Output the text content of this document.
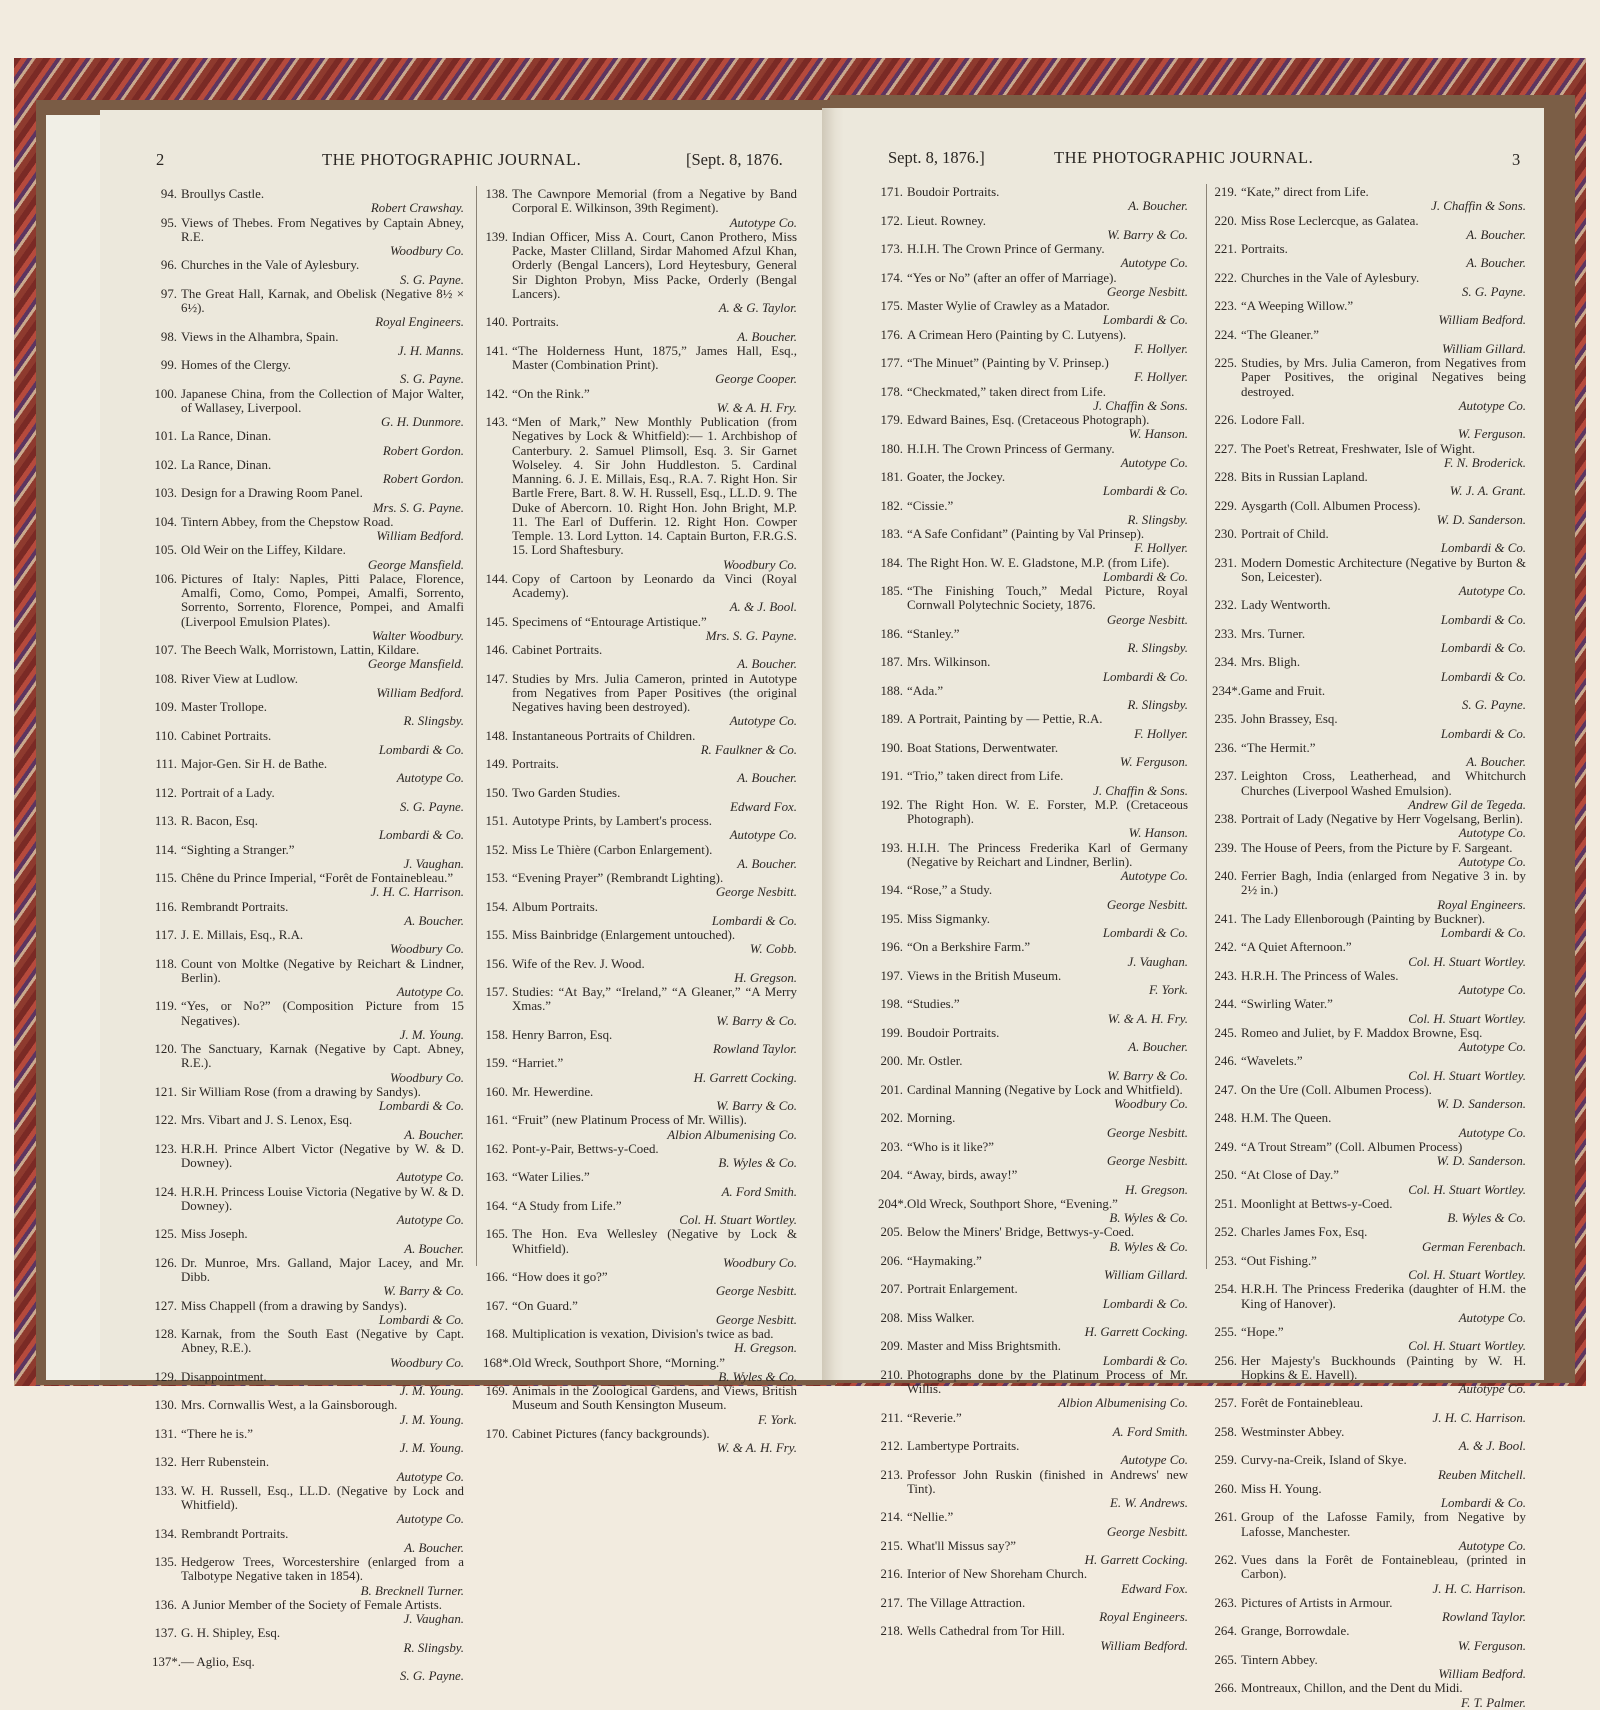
2	THE PHOTOGRAPHIC JOURNAL.	[Sept. 8, 1876.	Sept. 8, 1876.]	THE PHOTOGRAPHIC JOURNAL.	3
94. Broullys Castle.
Robert Crawshay.
95. Views of Thebes. From Negatives by Captain Abney, R.E.
Woodbury Co.
96. Churches in the Vale of Aylesbury.
S. G. Payne.
97. The Great Hall, Karnak, and Obelisk (Negative 8½ × 6½).
Royal Engineers.
98. Views in the Alhambra, Spain.
J. H. Manns.
99. Homes of the Clergy.
S. G. Payne.
100. Japanese China, from the Collection of Major Walter, of Wallasey, Liverpool.
G. H. Dunmore.
101. La Rance, Dinan.
Robert Gordon.
102. La Rance, Dinan.
Robert Gordon.
103. Design for a Drawing Room Panel.
Mrs. S. G. Payne.
104. Tintern Abbey, from the Chepstow Road.
William Bedford.
105. Old Weir on the Liffey, Kildare.
George Mansfield.
106. Pictures of Italy: Naples, Pitti Palace, Florence, Amalfi, Como, Como, Pompei, Amalfi, Sorrento, Sorrento, Sorrento, Florence, Pompei, and Amalfi (Liverpool Emulsion Plates).
Walter Woodbury.
107. The Beech Walk, Morristown, Lattin, Kildare.
George Mansfield.
108. River View at Ludlow.
William Bedford.
109. Master Trollope.
R. Slingsby.
110. Cabinet Portraits.
Lombardi & Co.
111. Major-Gen. Sir H. de Bathe.
Autotype Co.
112. Portrait of a Lady.
S. G. Payne.
113. R. Bacon, Esq.
Lombardi & Co.
114. “Sighting a Stranger.”
J. Vaughan.
115. Chêne du Prince Imperial, “Forêt de Fontainebleau.”
J. H. C. Harrison.
116. Rembrandt Portraits.
A. Boucher.
117. J. E. Millais, Esq., R.A.
Woodbury Co.
118. Count von Moltke (Negative by Reichart & Lindner, Berlin).
Autotype Co.
119. “Yes, or No?” (Composition Picture from 15 Negatives).
J. M. Young.
120. The Sanctuary, Karnak (Negative by Capt. Abney, R.E.).
Woodbury Co.
121. Sir William Rose (from a drawing by Sandys).
Lombardi & Co.
122. Mrs. Vibart and J. S. Lenox, Esq.
A. Boucher.
123. H.R.H. Prince Albert Victor (Negative by W. & D. Downey).
Autotype Co.
124. H.R.H. Princess Louise Victoria (Negative by W. & D. Downey).
Autotype Co.
125. Miss Joseph.
A. Boucher.
126. Dr. Munroe, Mrs. Galland, Major Lacey, and Mr. Dibb.
W. Barry & Co.
127. Miss Chappell (from a drawing by Sandys).
Lombardi & Co.
128. Karnak, from the South East (Negative by Capt. Abney, R.E.).
Woodbury Co.
129. Disappointment.
J. M. Young.
130. Mrs. Cornwallis West, a la Gainsborough.
J. M. Young.
131. “There he is.”
J. M. Young.
132. Herr Rubenstein.
Autotype Co.
133. W. H. Russell, Esq., LL.D. (Negative by Lock and Whitfield).
Autotype Co.
134. Rembrandt Portraits.
A. Boucher.
135. Hedgerow Trees, Worcestershire (enlarged from a Talbotype Negative taken in 1854).
B. Brecknell Turner.
136. A Junior Member of the Society of Female Artists.
J. Vaughan.
137. G. H. Shipley, Esq.
R. Slingsby.
137*. — Aglio, Esq.
S. G. Payne.
138. The Cawnpore Memorial (from a Negative by Band Corporal E. Wilkinson, 39th Regiment).
Autotype Co.
139. Indian Officer, Miss A. Court, Canon Prothero, Miss Packe, Master Clilland, Sirdar Mahomed Afzul Khan, Orderly (Bengal Lancers), Lord Heytesbury, General Sir Dighton Probyn, Miss Packe, Orderly (Bengal Lancers).
A. & G. Taylor.
140. Portraits.
A. Boucher.
141. “The Holderness Hunt, 1875,” James Hall, Esq., Master (Combination Print).
George Cooper.
142. “On the Rink.”
W. & A. H. Fry.
143. “Men of Mark,” New Monthly Publication (from Negatives by Lock & Whitfield):— 1. Archbishop of Canterbury. 2. Samuel Plimsoll, Esq. 3. Sir Garnet Wolseley. 4. Sir John Huddleston. 5. Cardinal Manning. 6. J. E. Millais, Esq., R.A. 7. Right Hon. Sir Bartle Frere, Bart. 8. W. H. Russell, Esq., LL.D. 9. The Duke of Abercorn. 10. Right Hon. John Bright, M.P. 11. The Earl of Dufferin. 12. Right Hon. Cowper Temple. 13. Lord Lytton. 14. Captain Burton, F.R.G.S. 15. Lord Shaftesbury.
Woodbury Co.
144. Copy of Cartoon by Leonardo da Vinci (Royal Academy).
A. & J. Bool.
145. Specimens of “Entourage Artistique.”
Mrs. S. G. Payne.
146. Cabinet Portraits.
A. Boucher.
147. Studies by Mrs. Julia Cameron, printed in Autotype from Negatives from Paper Positives (the original Negatives having been destroyed).
Autotype Co.
148. Instantaneous Portraits of Children.
R. Faulkner & Co.
149. Portraits.
A. Boucher.
150. Two Garden Studies.
Edward Fox.
151. Autotype Prints, by Lambert's process.
Autotype Co.
152. Miss Le Thière (Carbon Enlargement).
A. Boucher.
153. “Evening Prayer” (Rembrandt Lighting).
George Nesbitt.
154. Album Portraits.
Lombardi & Co.
155. Miss Bainbridge (Enlargement untouched).
W. Cobb.
156. Wife of the Rev. J. Wood.
H. Gregson.
157. Studies: “At Bay,” “Ireland,” “A Gleaner,” “A Merry Xmas.”
W. Barry & Co.
158. Henry Barron, Esq.
Rowland Taylor.
159. “Harriet.”
H. Garrett Cocking.
160. Mr. Hewerdine.
W. Barry & Co.
161. “Fruit” (new Platinum Process of Mr. Willis).
Albion Albumenising Co.
162. Pont-y-Pair, Bettws-y-Coed.
B. Wyles & Co.
163. “Water Lilies.”
A. Ford Smith.
164. “A Study from Life.”
Col. H. Stuart Wortley.
165. The Hon. Eva Wellesley (Negative by Lock & Whitfield).
Woodbury Co.
166. “How does it go?”
George Nesbitt.
167. “On Guard.”
George Nesbitt.
168. Multiplication is vexation, Division's twice as bad.
H. Gregson.
168*. Old Wreck, Southport Shore, “Morning.”
B. Wyles & Co.
169. Animals in the Zoological Gardens, and Views, British Museum and South Kensington Museum.
F. York.
170. Cabinet Pictures (fancy backgrounds).
W. & A. H. Fry.
171. Boudoir Portraits.
A. Boucher.
172. Lieut. Rowney.
W. Barry & Co.
173. H.I.H. The Crown Prince of Germany.
Autotype Co.
174. “Yes or No” (after an offer of Marriage).
George Nesbitt.
175. Master Wylie of Crawley as a Matador.
Lombardi & Co.
176. A Crimean Hero (Painting by C. Lutyens).
F. Hollyer.
177. “The Minuet” (Painting by V. Prinsep.)
F. Hollyer.
178. “Checkmated,” taken direct from Life.
J. Chaffin & Sons.
179. Edward Baines, Esq. (Cretaceous Photograph).
W. Hanson.
180. H.I.H. The Crown Princess of Germany.
Autotype Co.
181. Goater, the Jockey.
Lombardi & Co.
182. “Cissie.”
R. Slingsby.
183. “A Safe Confidant” (Painting by Val Prinsep).
F. Hollyer.
184. The Right Hon. W. E. Gladstone, M.P. (from Life).
Lombardi & Co.
185. “The Finishing Touch,” Medal Picture, Royal Cornwall Polytechnic Society, 1876.
George Nesbitt.
186. “Stanley.”
R. Slingsby.
187. Mrs. Wilkinson.
Lombardi & Co.
188. “Ada.”
R. Slingsby.
189. A Portrait, Painting by — Pettie, R.A.
F. Hollyer.
190. Boat Stations, Derwentwater.
W. Ferguson.
191. “Trio,” taken direct from Life.
J. Chaffin & Sons.
192. The Right Hon. W. E. Forster, M.P. (Cretaceous Photograph).
W. Hanson.
193. H.I.H. The Princess Frederika Karl of Germany (Negative by Reichart and Lindner, Berlin).
Autotype Co.
194. “Rose,” a Study.
George Nesbitt.
195. Miss Sigmanky.
Lombardi & Co.
196. “On a Berkshire Farm.”
J. Vaughan.
197. Views in the British Museum.
F. York.
198. “Studies.”
W. & A. H. Fry.
199. Boudoir Portraits.
A. Boucher.
200. Mr. Ostler.
W. Barry & Co.
201. Cardinal Manning (Negative by Lock and Whitfield).
Woodbury Co.
202. Morning.
George Nesbitt.
203. “Who is it like?”
George Nesbitt.
204. “Away, birds, away!”
H. Gregson.
204*. Old Wreck, Southport Shore, “Evening.”
B. Wyles & Co.
205. Below the Miners' Bridge, Bettwys-y-Coed.
B. Wyles & Co.
206. “Haymaking.”
William Gillard.
207. Portrait Enlargement.
Lombardi & Co.
208. Miss Walker.
H. Garrett Cocking.
209. Master and Miss Brightsmith.
Lombardi & Co.
210. Photographs done by the Platinum Process of Mr. Willis.
Albion Albumenising Co.
211. “Reverie.”
A. Ford Smith.
212. Lambertype Portraits.
Autotype Co.
213. Professor John Ruskin (finished in Andrews' new Tint).
E. W. Andrews.
214. “Nellie.”
George Nesbitt.
215. What'll Missus say?”
H. Garrett Cocking.
216. Interior of New Shoreham Church.
Edward Fox.
217. The Village Attraction.
Royal Engineers.
218. Wells Cathedral from Tor Hill.
William Bedford.
219. “Kate,” direct from Life.
J. Chaffin & Sons.
220. Miss Rose Leclercque, as Galatea.
A. Boucher.
221. Portraits.
A. Boucher.
222. Churches in the Vale of Aylesbury.
S. G. Payne.
223. “A Weeping Willow.”
William Bedford.
224. “The Gleaner.”
William Gillard.
225. Studies, by Mrs. Julia Cameron, from Negatives from Paper Positives, the original Negatives being destroyed.
Autotype Co.
226. Lodore Fall.
W. Ferguson.
227. The Poet's Retreat, Freshwater, Isle of Wight.
F. N. Broderick.
228. Bits in Russian Lapland.
W. J. A. Grant.
229. Aysgarth (Coll. Albumen Process).
W. D. Sanderson.
230. Portrait of Child.
Lombardi & Co.
231. Modern Domestic Architecture (Negative by Burton & Son, Leicester).
Autotype Co.
232. Lady Wentworth.
Lombardi & Co.
233. Mrs. Turner.
Lombardi & Co.
234. Mrs. Bligh.
Lombardi & Co.
234*. Game and Fruit.
S. G. Payne.
235. John Brassey, Esq.
Lombardi & Co.
236. “The Hermit.”
A. Boucher.
237. Leighton Cross, Leatherhead, and Whitchurch Churches (Liverpool Washed Emulsion).
Andrew Gil de Tegeda.
238. Portrait of Lady (Negative by Herr Vogelsang, Berlin).
Autotype Co.
239. The House of Peers, from the Picture by F. Sargeant.
Autotype Co.
240. Ferrier Bagh, India (enlarged from Negative 3 in. by 2½ in.)
Royal Engineers.
241. The Lady Ellenborough (Painting by Buckner).
Lombardi & Co.
242. “A Quiet Afternoon.”
Col. H. Stuart Wortley.
243. H.R.H. The Princess of Wales.
Autotype Co.
244. “Swirling Water.”
Col. H. Stuart Wortley.
245. Romeo and Juliet, by F. Maddox Browne, Esq.
Autotype Co.
246. “Wavelets.”
Col. H. Stuart Wortley.
247. On the Ure (Coll. Albumen Process).
W. D. Sanderson.
248. H.M. The Queen.
Autotype Co.
249. “A Trout Stream” (Coll. Albumen Process)
W. D. Sanderson.
250. “At Close of Day.”
Col. H. Stuart Wortley.
251. Moonlight at Bettws-y-Coed.
B. Wyles & Co.
252. Charles James Fox, Esq.
German Ferenbach.
253. “Out Fishing.”
Col. H. Stuart Wortley.
254. H.R.H. The Princess Frederika (daughter of H.M. the King of Hanover).
Autotype Co.
255. “Hope.”
Col. H. Stuart Wortley.
256. Her Majesty's Buckhounds (Painting by W. H. Hopkins & E. Havell).
Autotype Co.
257. Forêt de Fontainebleau.
J. H. C. Harrison.
258. Westminster Abbey.
A. & J. Bool.
259. Curvy-na-Creik, Island of Skye.
Reuben Mitchell.
260. Miss H. Young.
Lombardi & Co.
261. Group of the Lafosse Family, from Negative by Lafosse, Manchester.
Autotype Co.
262. Vues dans la Forêt de Fontainebleau, (printed in Carbon).
J. H. C. Harrison.
263. Pictures of Artists in Armour.
Rowland Taylor.
264. Grange, Borrowdale.
W. Ferguson.
265. Tintern Abbey.
William Bedford.
266. Montreaux, Chillon, and the Dent du Midi.
F. T. Palmer.
